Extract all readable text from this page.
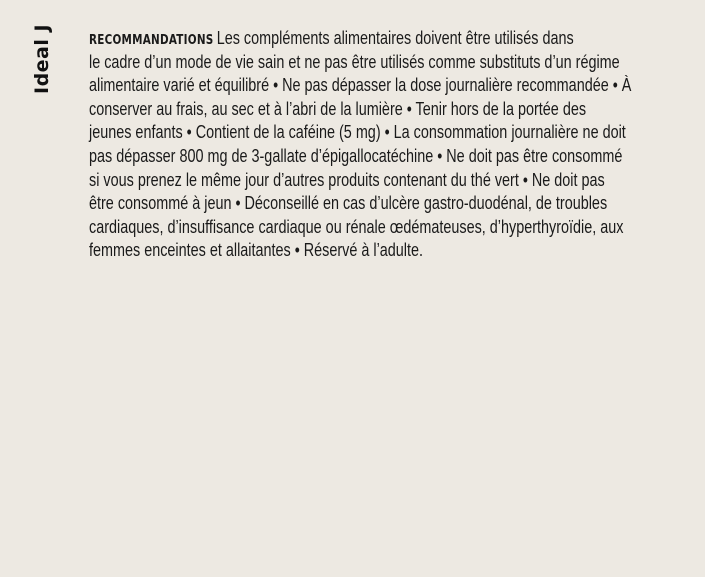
Ideal J	RECOMMANDATIONS Les compléments alimentaires doivent être utilisés dans
le cadre d’un mode de vie sain et ne pas être utilisés comme substituts d’un régime
alimentaire varié et équilibré • Ne pas dépasser la dose journalière recommandée • À
conserver au frais, au sec et à l’abri de la lumière • Tenir hors de la portée des
jeunes enfants • Contient de la caféine (5 mg) • La consommation journalière ne doit
pas dépasser 800 mg de 3-gallate d’épigallocatéchine • Ne doit pas être consommé
si vous prenez le même jour d’autres produits contenant du thé vert • Ne doit pas
être consommé à jeun • Déconseillé en cas d’ulcère gastro-duodénal, de troubles
cardiaques, d’insuffisance cardiaque ou rénale œdémateuses, d’hyperthyroïdie, aux
femmes enceintes et allaitantes • Réservé à l’adulte.
